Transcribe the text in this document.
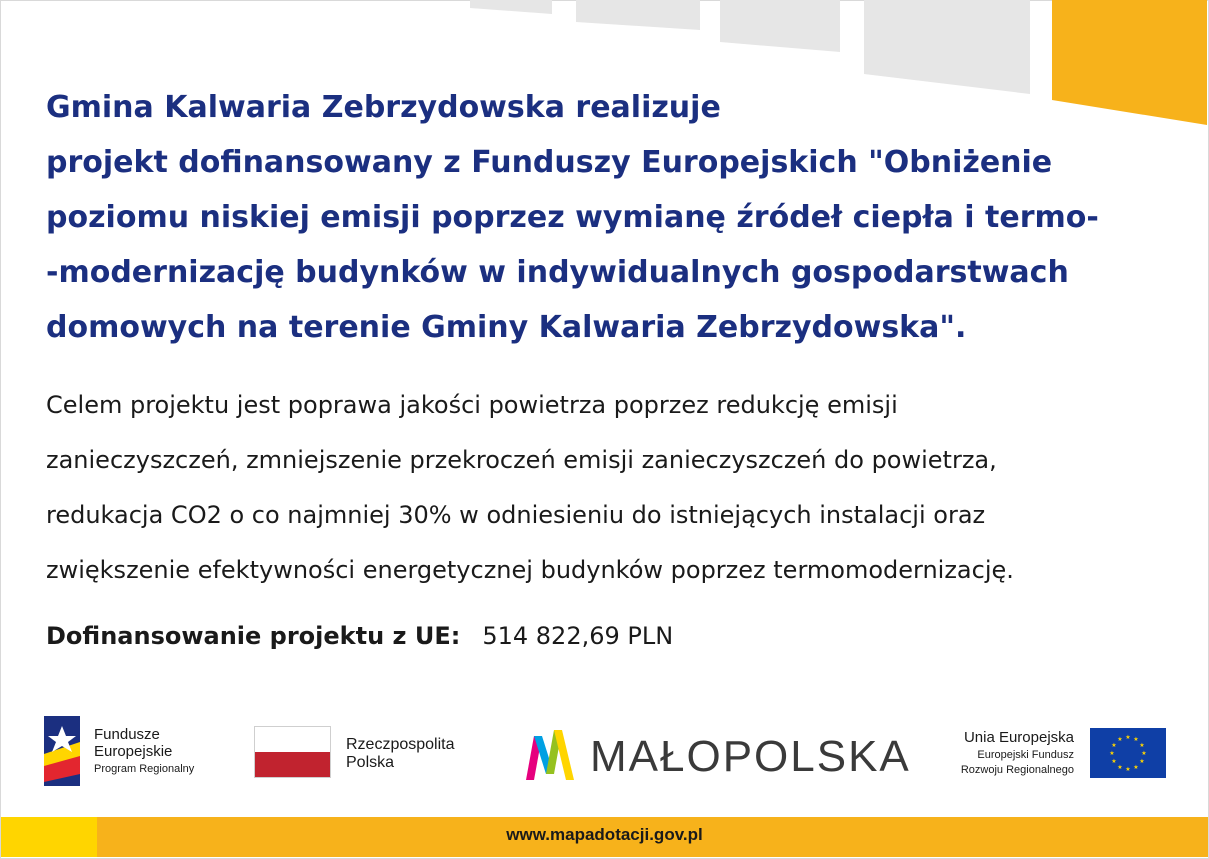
Gmina Kalwaria Zebrzydowska realizuje
projekt dofinansowany z Funduszy Europejskich "Obniżenie
poziomu niskiej emisji poprzez wymianę źródeł ciepła i termo-
-modernizację budynków w indywidualnych gospodarstwach
domowych na terenie Gminy Kalwaria Zebrzydowska".
Celem projektu jest poprawa jakości powietrza poprzez redukcję emisji
zanieczyszczeń, zmniejszenie przekroczeń emisji zanieczyszczeń do powietrza,
redukacja CO2 o co najmniej 30% w odniesieniu do istniejących instalacji oraz
zwiększenie efektywności energetycznej budynków poprzez termomodernizację.
Dofinansowanie projektu z UE: 514 822,69 PLN
Fundusze
Europejskie
Program Regionalny
Rzeczpospolita
Polska	MAŁOPOLSKA	Unia Europejska
Europejski Fundusz
Rozwoju Regionalnego
★ ★
★
★
★
★
★
★
★
★
★
★
www.mapadotacji.gov.pl
